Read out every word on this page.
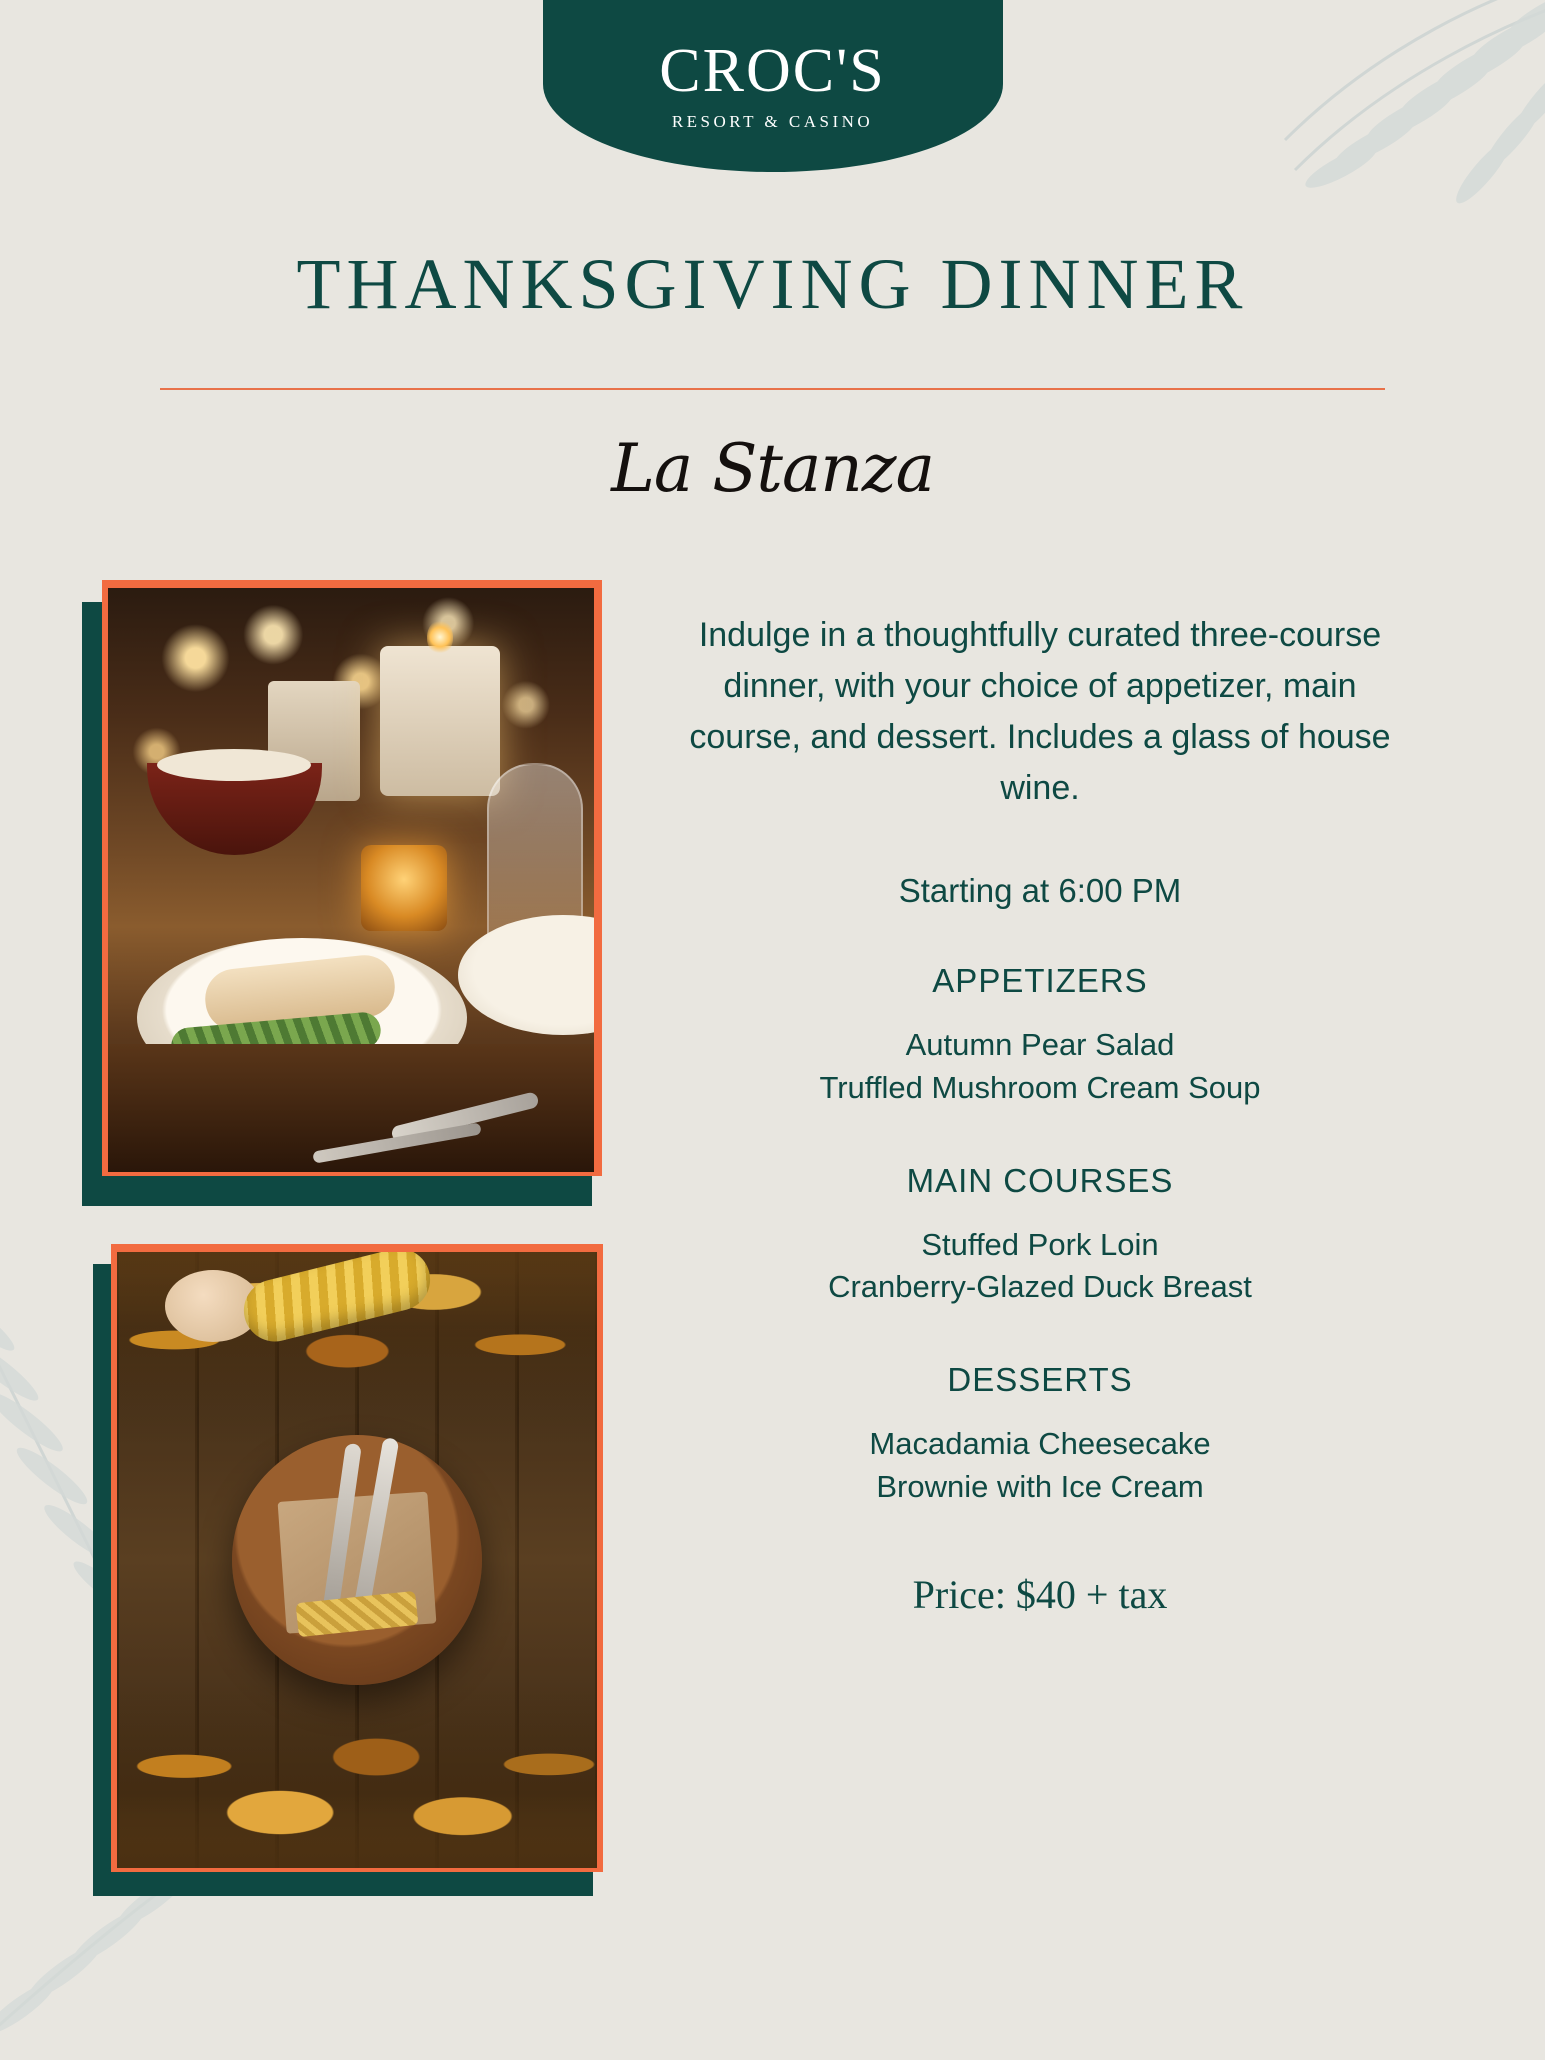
CROC'S
RESORT & CASINO
THANKSGIVING DINNER
La Stanza

Indulge in a thoughtfully curated three-course dinner, with your choice of appetizer, main course, and dessert. Includes a glass of house wine.

Starting at 6:00 PM
APPETIZERS
Autumn Pear Salad
Truffled Mushroom Cream Soup
MAIN COURSES
Stuffed Pork Loin
Cranberry-Glazed Duck Breast
DESSERTS
Macadamia Cheesecake
Brownie with Ice Cream
Price: $40 + tax
